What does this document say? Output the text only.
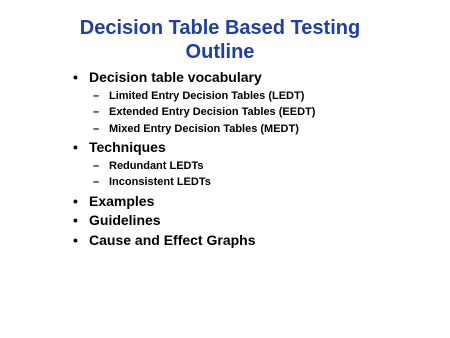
Decision Table Based Testing
Outline
• Decision table vocabulary
– Limited Entry Decision Tables (LEDT)
– Extended Entry Decision Tables (EEDT)
– Mixed Entry Decision Tables (MEDT)
• Techniques
– Redundant LEDTs
– Inconsistent LEDTs
• Examples
• Guidelines
• Cause and Effect Graphs
